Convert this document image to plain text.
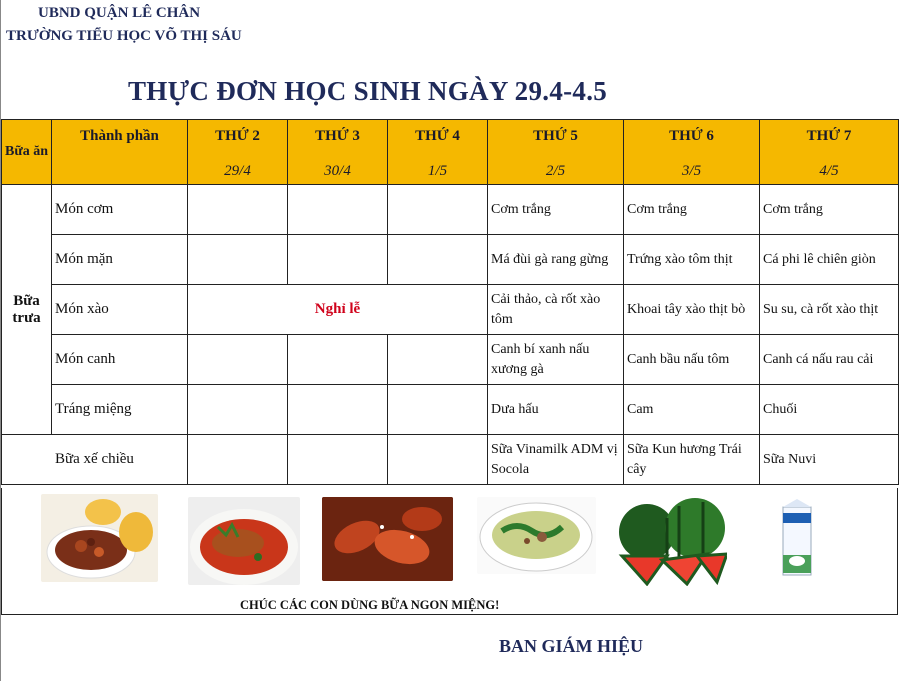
UBND QUẬN LÊ CHÂN
TRƯỜNG TIỂU HỌC VÕ THỊ SÁU
THỰC ĐƠN HỌC SINH NGÀY 29.4-4.5
Bữa ăn	Thành phần	THỨ 2	THỨ 3	THỨ 4	THỨ 5	THỨ 6	THỨ 7
		29/4	30/4	1/5	2/5	3/5	4/5
Bữa trưa	Món cơm				Cơm trắng	Cơm trắng	Cơm trắng
	Món mặn				Má đùi gà rang gừng	Trứng xào tôm thịt	Cá phi lê chiên giòn
	Món xào	Nghỉ lễ			Cải thảo, cà rốt xào tôm	Khoai tây xào thịt bò	Su su, cà rốt xào thịt
	Món canh				Canh bí xanh nấu xương gà	Canh bầu nấu tôm	Canh cá nấu rau cải
	Tráng miệng				Dưa hấu	Cam	Chuối
Bữa xế chiều					Sữa Vinamilk ADM vị Socola	Sữa Kun hương Trái cây	Sữa Nuvi
CHÚC CÁC CON DÙNG BỮA NGON MIỆNG!
BAN GIÁM HIỆU
